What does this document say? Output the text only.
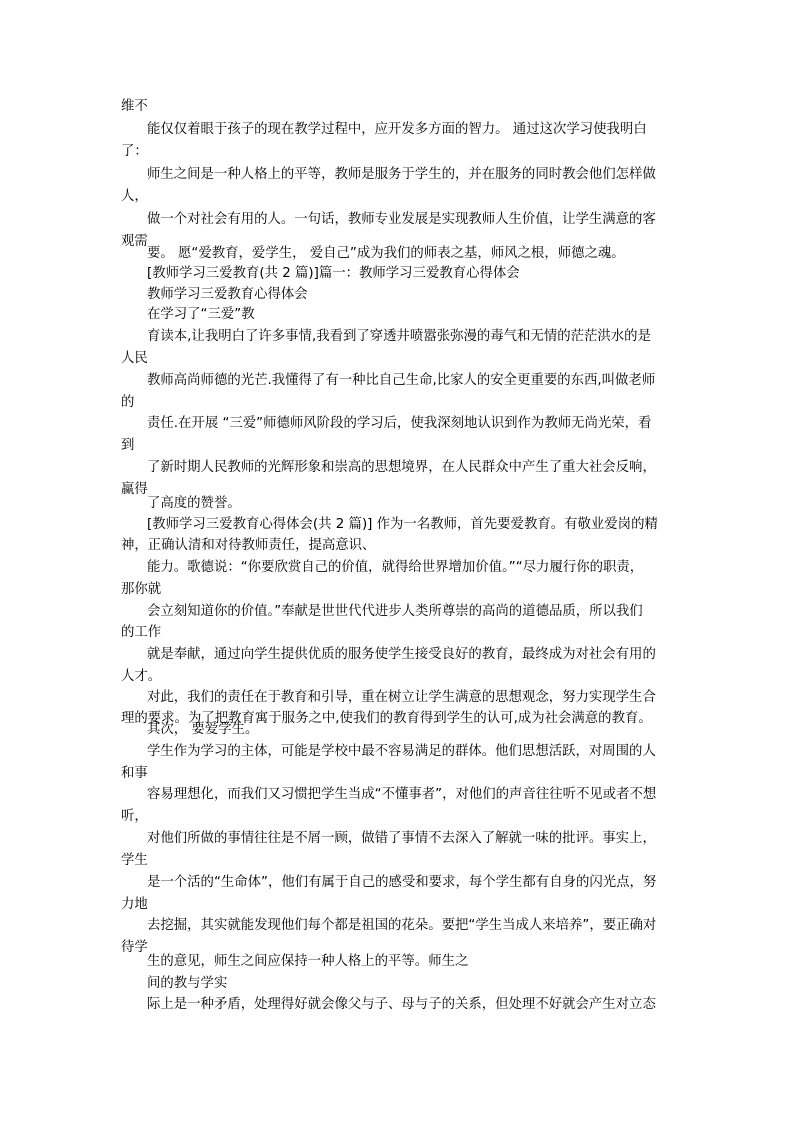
维不

能仅仅着眼于孩子的现在教学过程中，应开发多方面的智力。 通过这次学习使我明白

了：

师生之间是一种人格上的平等，教师是服务于学生的，并在服务的同时教会他们怎样做

人，

做一个对社会有用的人。一句话，教师专业发展是实现教师人生价值，让学生满意的客

观需

要。 愿“爱教育，爱学生， 爱自己”成为我们的师表之基，师风之根，师德之魂。

[教师学习三爱教育(共 2 篇)]篇一：教师学习三爱教育心得体会

教师学习三爱教育心得体会

在学习了“三爱”教

育读本,让我明白了许多事情,我看到了穿透井喷嚣张弥漫的毒气和无情的茫茫洪水的是

人民

教师高尚师德的光芒.我懂得了有一种比自己生命,比家人的安全更重要的东西,叫做老师

的

责任.在开展 “三爱”师德师风阶段的学习后，使我深刻地认识到作为教师无尚光荣，看

到

了新时期人民教师的光辉形象和崇高的思想境界，在人民群众中产生了重大社会反响，

赢得

了高度的赞誉。

[教师学习三爱教育心得体会(共 2 篇)] 作为一名教师，首先要爱教育。有敬业爱岗的精

神，正确认清和对待教师责任，提高意识、

能力。歌德说：“你要欣赏自己的价值，就得给世界增加价值。”“尽力履行你的职责，

那你就

会立刻知道你的价值。”奉献是世世代代进步人类所尊崇的高尚的道德品质，所以我们

的工作

就是奉献，通过向学生提供优质的服务使学生接受良好的教育，最终成为对社会有用的

人才。

对此，我们的责任在于教育和引导，重在树立让学生满意的思想观念，努力实现学生合

理的要求。为了把教育寓于服务之中,使我们的教育得到学生的认可,成为社会满意的教育。

其次， 要爱学生。

学生作为学习的主体，可能是学校中最不容易满足的群体。他们思想活跃，对周围的人

和事

容易理想化，而我们又习惯把学生当成“不懂事者”，对他们的声音往往听不见或者不想

听，

对他们所做的事情往往是不屑一顾，做错了事情不去深入了解就一味的批评。事实上，

学生

是一个活的“生命体”，他们有属于自己的感受和要求，每个学生都有自身的闪光点，努

力地

去挖掘，其实就能发现他们每个都是祖国的花朵。要把“学生当成人来培养”，要正确对

待学

生的意见，师生之间应保持一种人格上的平等。师生之

间的教与学实

际上是一种矛盾，处理得好就会像父与子、母与子的关系，但处理不好就会产生对立态
